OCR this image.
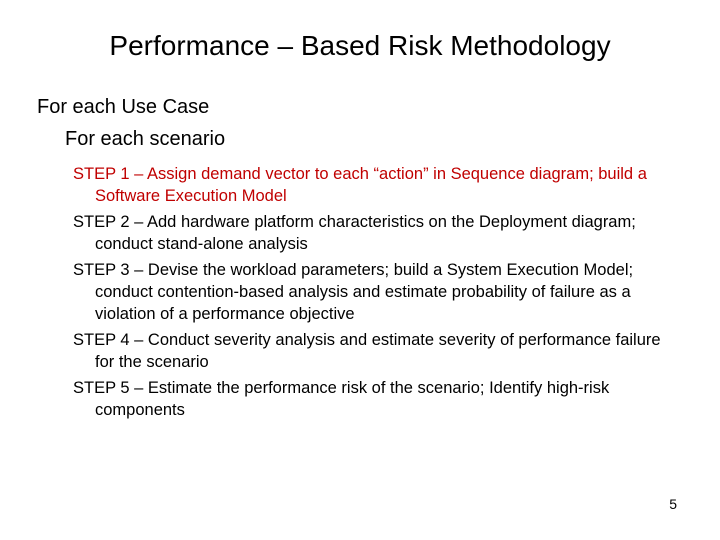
Performance – Based Risk Methodology
For each Use Case
For each scenario
STEP 1 – Assign demand vector to each “action” in Sequence diagram; build a Software Execution Model
STEP 2 – Add hardware platform characteristics on the Deployment diagram; conduct stand-alone analysis
STEP 3 – Devise the workload parameters; build a System Execution Model; conduct contention-based analysis and estimate probability of failure as a violation of a performance objective
STEP 4 – Conduct severity analysis and estimate severity of performance failure for the scenario
STEP 5 – Estimate the performance risk of the scenario; Identify high-risk components
5
